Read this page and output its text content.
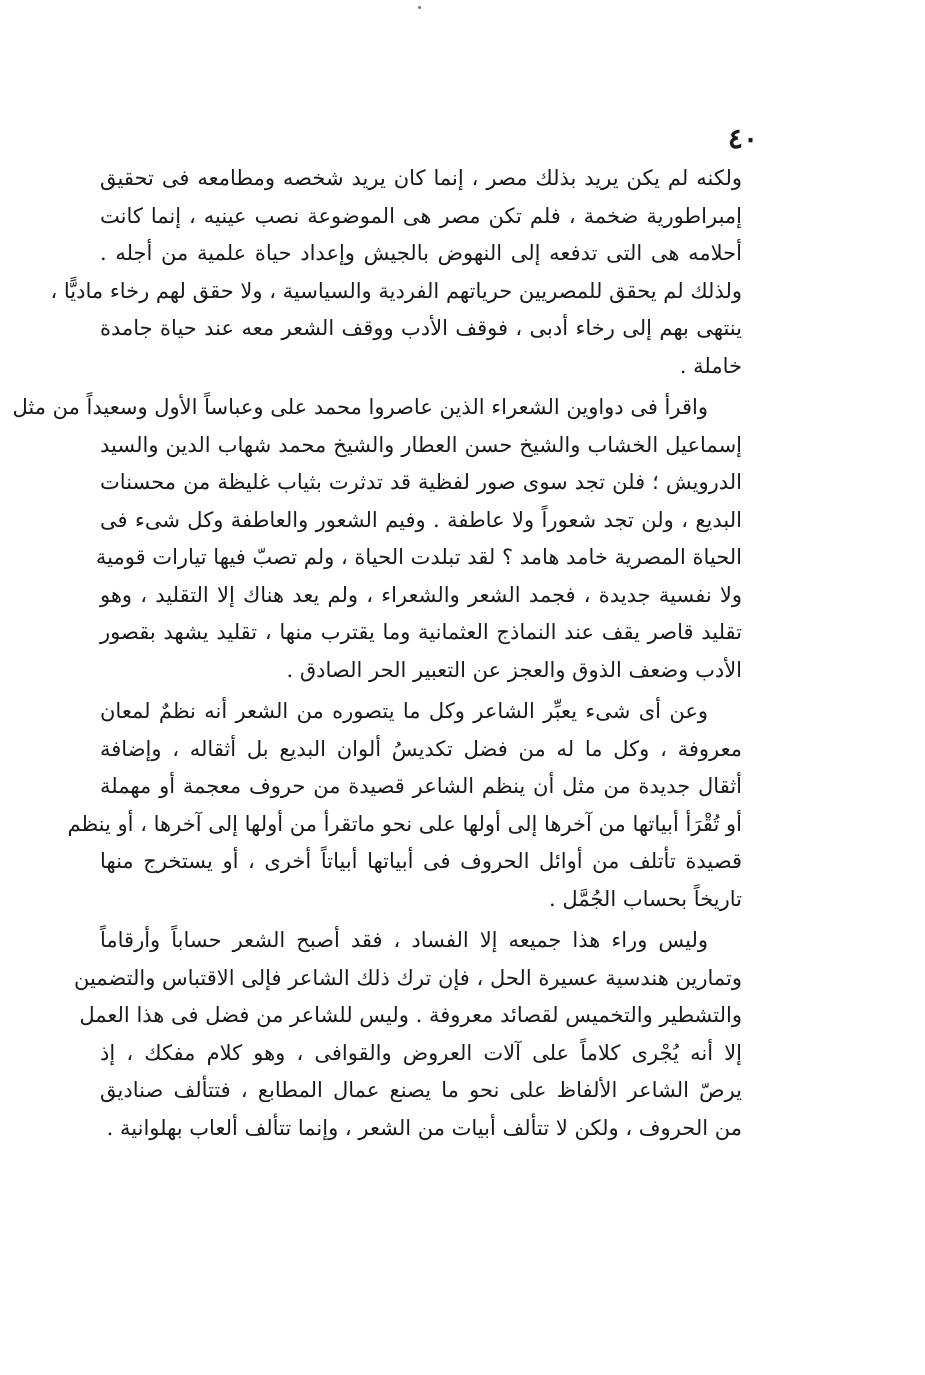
٤٠

ولكنه لم يكن يريد بذلك مصر ، إنما كان يريد شخصه ومطامعه فى تحقيق
إمبراطورية ضخمة ، فلم تكن مصر هى الموضوعة نصب عينيه ، إنما كانت
أحلامه هى التى تدفعه إلى النهوض بالجيش وإعداد حياة علمية من أجله .
ولذلك لم يحقق للمصريين حرياتهم الفردية والسياسية ، ولا حقق لهم رخاء ماديًّا ،
ينتهى بهم إلى رخاء أدبى ، فوقف الأدب ووقف الشعر معه عند حياة جامدة
خاملة .

واقرأ فى دواوين الشعراء الذين عاصروا محمد على وعباساً الأول وسعيداً من مثل
إسماعيل الخشاب والشيخ حسن العطار والشيخ محمد شهاب الدين والسيد
الدرويش ؛ فلن تجد سوى صور لفظية قد تدثرت بثياب غليظة من محسنات
البديع ، ولن تجد شعوراً ولا عاطفة . وفيم الشعور والعاطفة وكل شىء فى
الحياة المصرية خامد هامد ؟ لقد تبلدت الحياة ، ولم تصبّ فيها تيارات قومية
ولا نفسية جديدة ، فجمد الشعر والشعراء ، ولم يعد هناك إلا التقليد ، وهو
تقليد قاصر يقف عند النماذج العثمانية وما يقترب منها ، تقليد يشهد بقصور
الأدب وضعف الذوق والعجز عن التعبير الحر الصادق .

وعن أى شىء يعبِّر الشاعر وكل ما يتصوره من الشعر أنه نظمٌ لمعان
معروفة ، وكل ما له من فضل تكديسُ ألوان البديع بل أثقاله ، وإضافة
أثقال جديدة من مثل أن ينظم الشاعر قصيدة من حروف معجمة أو مهملة
أو تُقْرَأ أبياتها من آخرها إلى أولها على نحو ماتقرأ من أولها إلى آخرها ، أو ينظم
قصيدة تأتلف من أوائل الحروف فى أبياتها أبياتاً أخرى ، أو يستخرج منها
تاريخاً بحساب الجُمَّل .

وليس وراء هذا جميعه إلا الفساد ، فقد أصبح الشعر حساباً وأرقاماً
وتمارين هندسية عسيرة الحل ، فإن ترك ذلك الشاعر فإلى الاقتباس والتضمين
والتشطير والتخميس لقصائد معروفة . وليس للشاعر من فضل فى هذا العمل
إلا أنه يُجْرى كلاماً على آلات العروض والقوافى ، وهو كلام مفكك ، إذ
يرصّ الشاعر الألفاظ على نحو ما يصنع عمال المطابع ، فتتألف صناديق
من الحروف ، ولكن لا تتألف أبيات من الشعر ، وإنما تتألف ألعاب بهلوانية .
